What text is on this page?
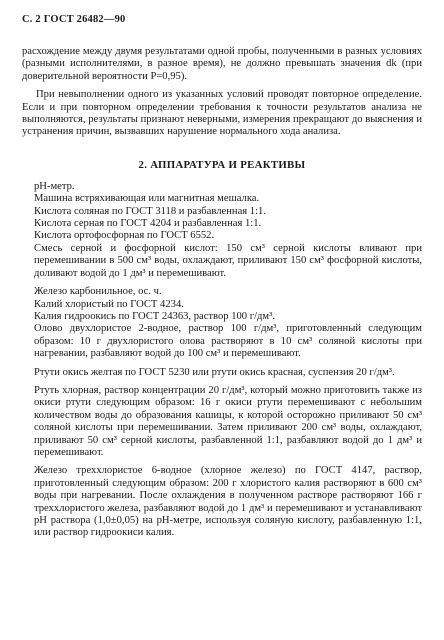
С. 2 ГОСТ 26482—90

расхождение между двумя результатами одной пробы, полученными в разных условиях (разными исполнителями, в разное время), не должно превышать значения dk (при доверительной вероятности P=0,95).

При невыполнении одного из указанных условий проводят повторное определение. Если и при повторном определении требования к точности результатов анализа не выполняются, результаты признают неверными, измерения прекращают до выяснения и устранения причин, вызвавших нарушение нормального хода анализа.

2. АППАРАТУРА И РЕАКТИВЫ

рН-метр.

Машина встряхивающая или магнитная мешалка.

Кислота соляная по ГОСТ 3118 и разбавленная 1:1.

Кислота серная по ГОСТ 4204 и разбавленная 1:1.

Кислота ортофосфорная по ГОСТ 6552.

Смесь серной и фосфорной кислот: 150 см³ серной кислоты вливают при перемешивании в 500 см³ воды, охлаждают, приливают 150 см³ фосфорной кислоты, доливают водой до 1 дм³ и перемешивают.

Железо карбонильное, ос. ч.

Калий хлористый по ГОСТ 4234.

Калия гидроокись по ГОСТ 24363, раствор 100 г/дм³.

Олово двухлористое 2-водное, раствор 100 г/дм³, приготовленный следующим образом: 10 г двухлористого олова растворяют в 10 см³ соляной кислоты при нагревании, разбавляют водой до 100 см³ и перемешивают.

Ртути окись желтая по ГОСТ 5230 или ртути окись красная, суспензия 20 г/дм³.

Ртуть хлорная, раствор концентрации 20 г/дм³, который можно приготовить также из окиси ртути следующим образом: 16 г окиси ртути перемешивают с небольшим количеством воды до образования кашицы, к которой осторожно приливают 50 см³ соляной кислоты при перемешивании. Затем приливают 200 см³ воды, охлаждают, приливают 50 см³ серной кислоты, разбавленной 1:1, разбавляют водой до 1 дм³ и перемешивают.

Железо треххлористое 6-водное (хлорное железо) по ГОСТ 4147, раствор, приготовленный следующим образом: 200 г хлористого калия растворяют в 600 см³ воды при нагревании. После охлаждения в полученном растворе растворяют 166 г треххлористого железа, разбавляют водой до 1 дм³ и перемешивают и устанавливают рН раствора (1,0±0,05) на рН-метре, используя соляную кислоту, разбавленную 1:1, или раствор гидроокиси калия.
